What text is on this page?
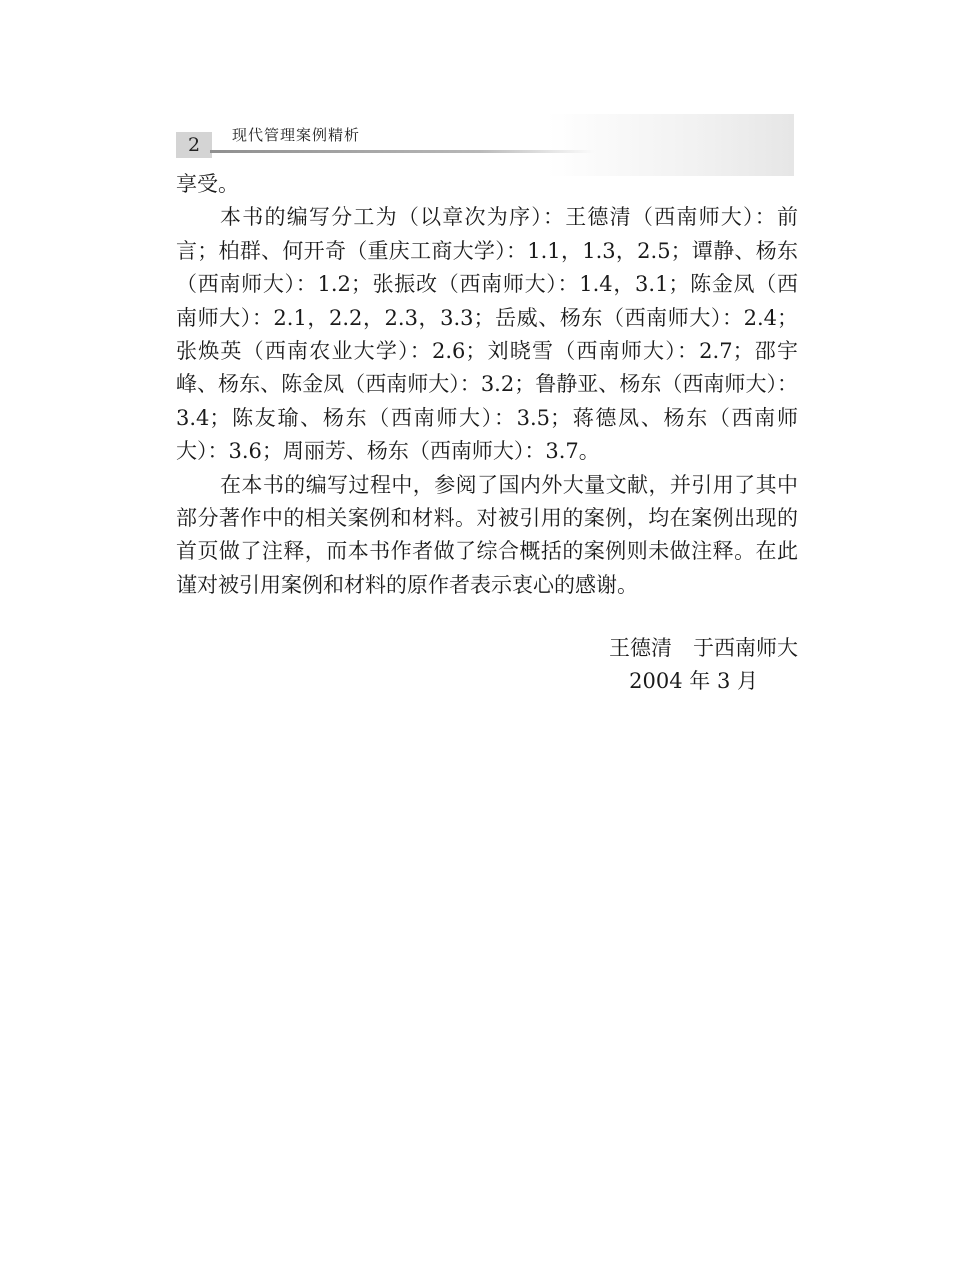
2	现代管理案例精析

享受。

本书的编写分工为（以章次为序）：王德清（西南师大）：前言；柏群、何开奇（重庆工商大学）：1.1，1.3，2.5；谭静、杨东（西南师大）：1.2；张振改（西南师大）：1.4，3.1；陈金凤（西南师大）：2.1，2.2，2.3，3.3；岳威、杨东（西南师大）：2.4；张焕英（西南农业大学）：2.6；刘晓雪（西南师大）：2.7；邵宇峰、杨东、陈金凤（西南师大）：3.2；鲁静亚、杨东（西南师大）：3.4；陈友瑜、杨东（西南师大）：3.5；蒋德凤、杨东（西南师大）：3.6；周丽芳、杨东（西南师大）：3.7。

在本书的编写过程中，参阅了国内外大量文献，并引用了其中部分著作中的相关案例和材料。对被引用的案例，均在案例出现的首页做了注释，而本书作者做了综合概括的案例则未做注释。在此谨对被引用案例和材料的原作者表示衷心的感谢。

王德清　于西南师大
2004 年 3 月
